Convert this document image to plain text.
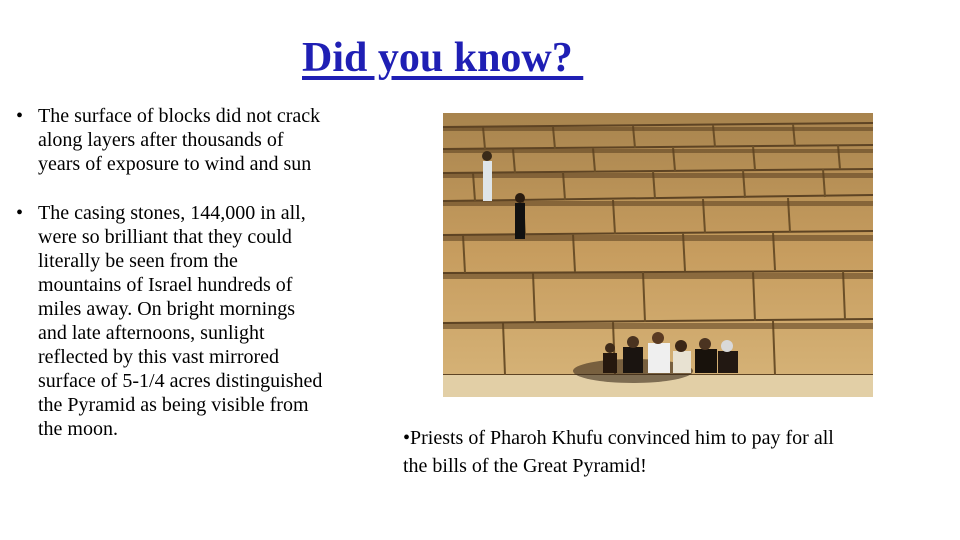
Did you know?
• The surface of blocks did not crack along layers after thousands of years of exposure to wind and sun
• The casing stones, 144,000 in all, were so brilliant that they could literally be seen from the mountains of Israel hundreds of miles away. On bright mornings and late afternoons, sunlight reflected by this vast mirrored surface of 5-1/4 acres distinguished the Pyramid as being visible from the moon.	•Priests of Pharoh Khufu convinced him to pay for all the bills of the Great Pyramid!
